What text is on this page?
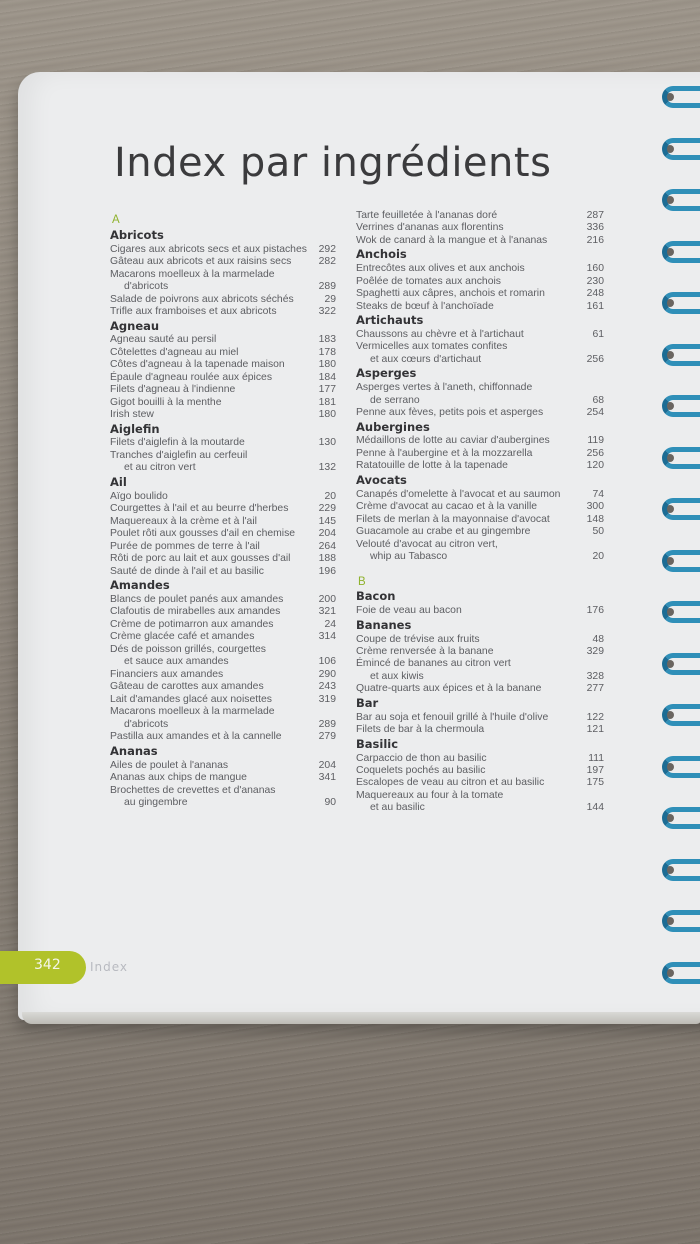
Index par ingrédients
A
Abricots
Cigares aux abricots secs et aux pistaches	292
Gâteau aux abricots et aux raisins secs	282
Macarons moelleux à la marmelade
d'abricots	289
Salade de poivrons aux abricots séchés	29
Trifle aux framboises et aux abricots	322
Agneau
Agneau sauté au persil	183
Côtelettes d'agneau au miel	178
Côtes d'agneau à la tapenade maison	180
Épaule d'agneau roulée aux épices	184
Filets d'agneau à l'indienne	177
Gigot bouilli à la menthe	181
Irish stew	180
Aiglefin
Filets d'aiglefin à la moutarde	130
Tranches d'aiglefin au cerfeuil
et au citron vert	132
Ail
Aïgo boulido	20
Courgettes à l'ail et au beurre d'herbes	229
Maquereaux à la crème et à l'ail	145
Poulet rôti aux gousses d'ail en chemise	204
Purée de pommes de terre à l'ail	264
Rôti de porc au lait et aux gousses d'ail	188
Sauté de dinde à l'ail et au basilic	196
Amandes
Blancs de poulet panés aux amandes	200
Clafoutis de mirabelles aux amandes	321
Crème de potimarron aux amandes	24
Crème glacée café et amandes	314
Dés de poisson grillés, courgettes
et sauce aux amandes	106
Financiers aux amandes	290
Gâteau de carottes aux amandes	243
Lait d'amandes glacé aux noisettes	319
Macarons moelleux à la marmelade
d'abricots	289
Pastilla aux amandes et à la cannelle	279
Ananas
Ailes de poulet à l'ananas	204
Ananas aux chips de mangue	341
Brochettes de crevettes et d'ananas
au gingembre	90
Tarte feuilletée à l'ananas doré	287
Verrines d'ananas aux florentins	336
Wok de canard à la mangue et à l'ananas	216
Anchois
Entrecôtes aux olives et aux anchois	160
Poêlée de tomates aux anchois	230
Spaghetti aux câpres, anchois et romarin	248
Steaks de bœuf à l'anchoïade	161
Artichauts
Chaussons au chèvre et à l'artichaut	61
Vermicelles aux tomates confites
et aux cœurs d'artichaut	256
Asperges
Asperges vertes à l'aneth, chiffonnade
de serrano	68
Penne aux fèves, petits pois et asperges	254
Aubergines
Médaillons de lotte au caviar d'aubergines	119
Penne à l'aubergine et à la mozzarella	256
Ratatouille de lotte à la tapenade	120
Avocats
Canapés d'omelette à l'avocat et au saumon	74
Crème d'avocat au cacao et à la vanille	300
Filets de merlan à la mayonnaise d'avocat	148
Guacamole au crabe et au gingembre	50
Velouté d'avocat au citron vert,
whip au Tabasco	20
B
Bacon
Foie de veau au bacon	176
Bananes
Coupe de trévise aux fruits	48
Crème renversée à la banane	329
Émincé de bananes au citron vert
et aux kiwis	328
Quatre-quarts aux épices et à la banane	277
Bar
Bar au soja et fenouil grillé à l'huile d'olive	122
Filets de bar à la chermoula	121
Basilic
Carpaccio de thon au basilic	111
Coquelets pochés au basilic	197
Escalopes de veau au citron et au basilic	175
Maquereaux au four à la tomate
et au basilic	144
342 Index
